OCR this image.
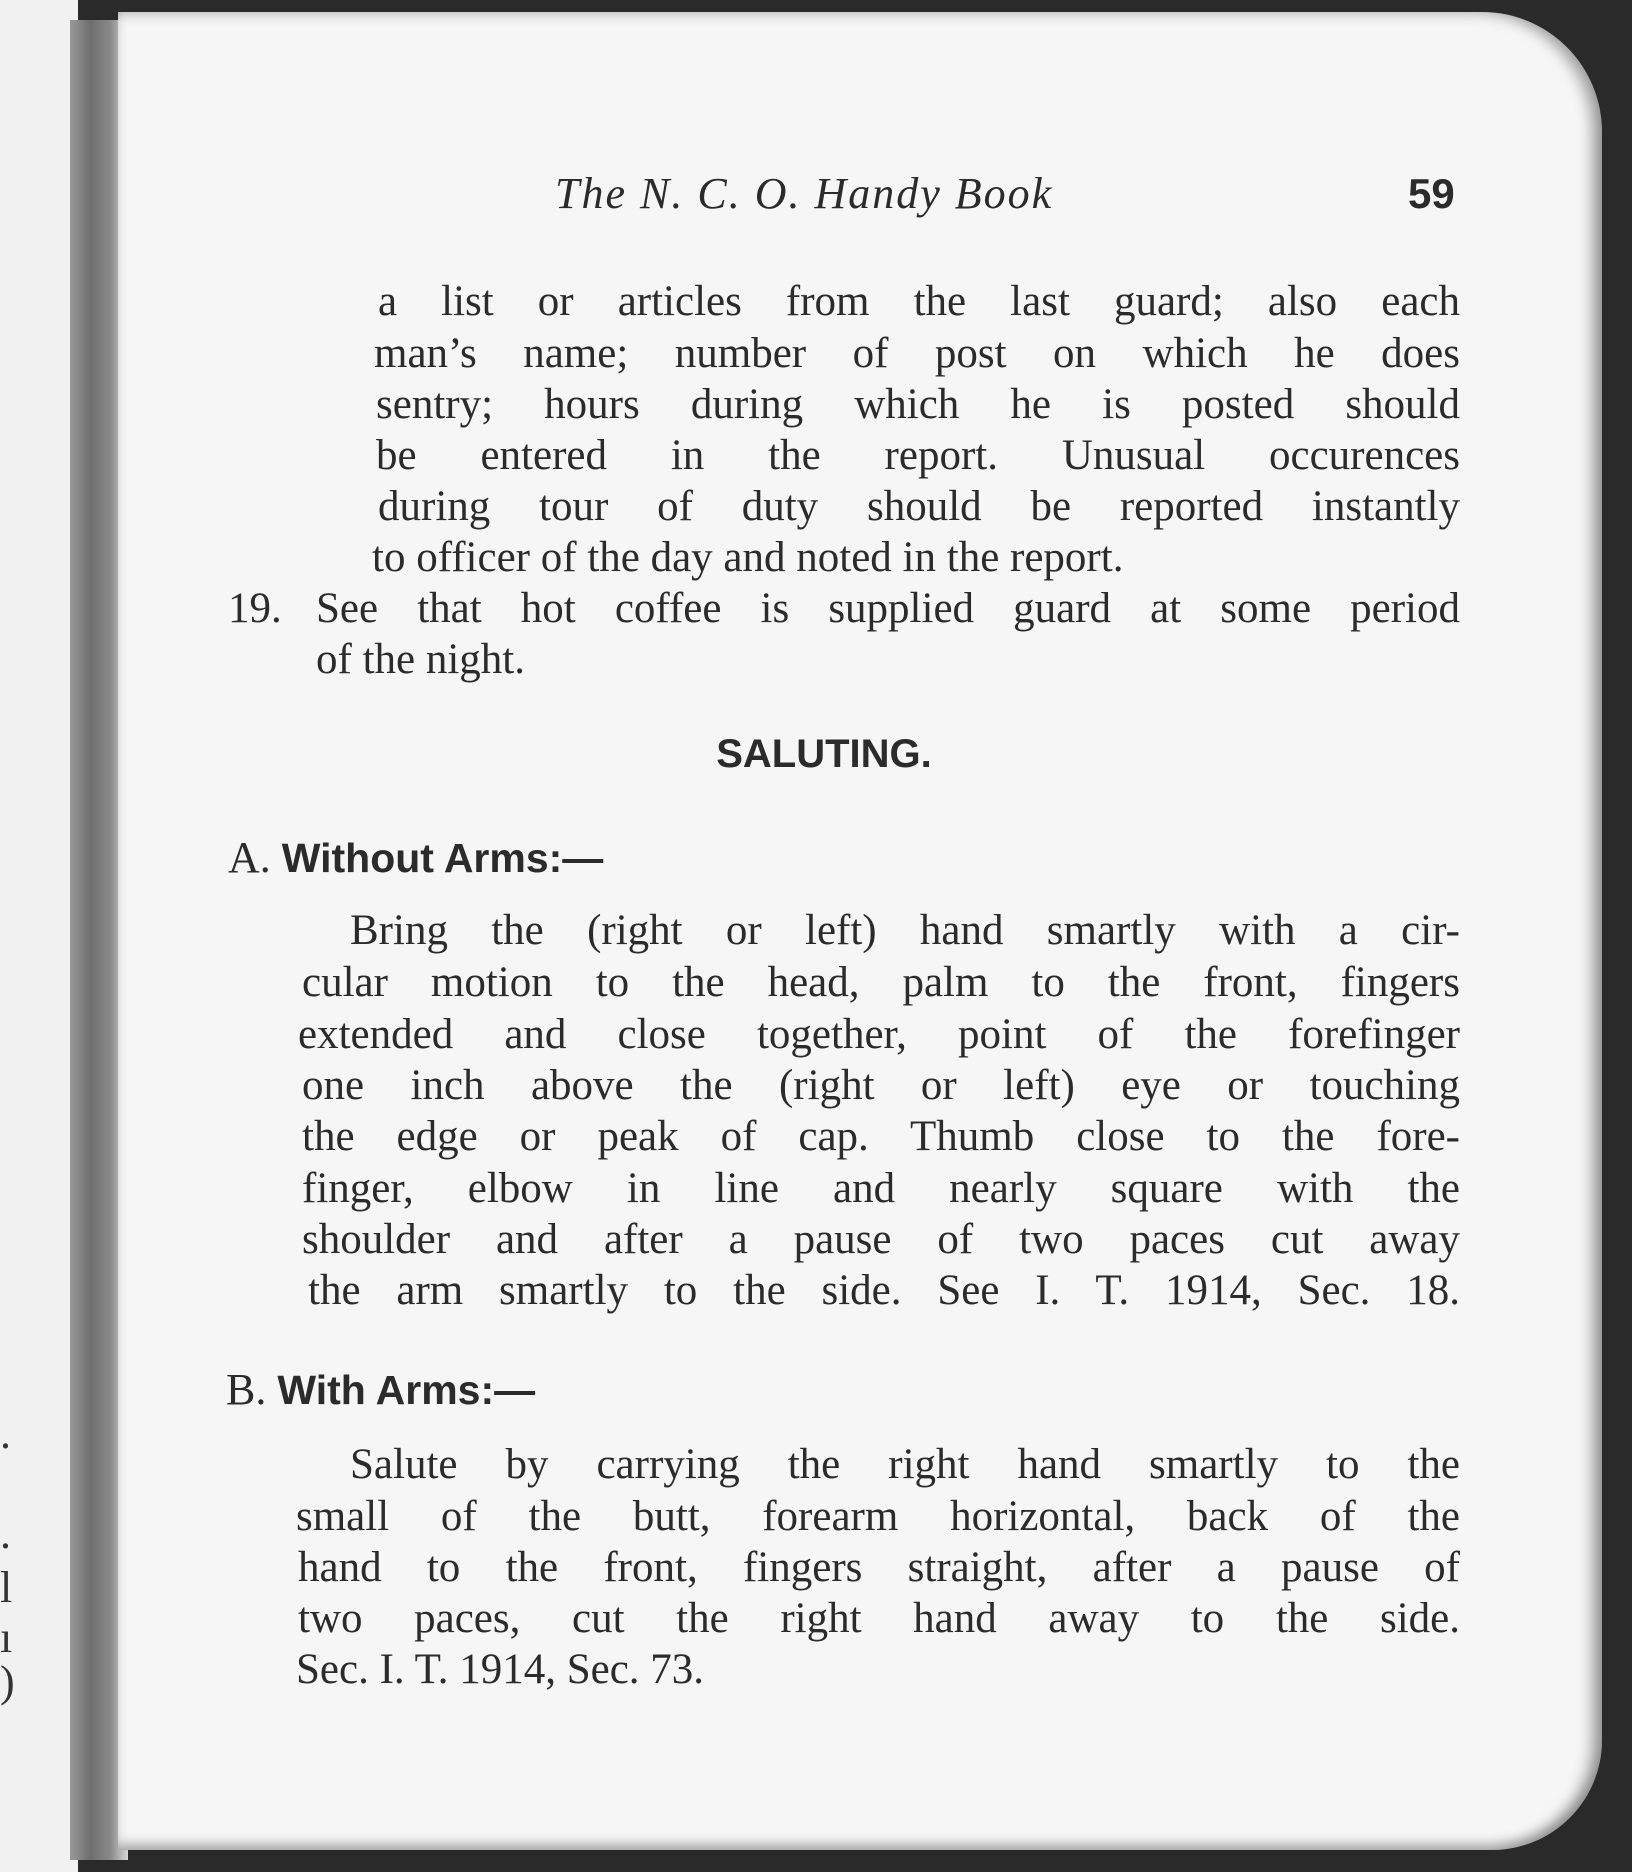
.
.
l
ı
)
The N. C. O. Handy Book	59
a list or articles from the last guard; also each
man’s name; number of post on which he does
sentry; hours during which he is posted should
be entered in the report. Unusual occurences
during tour of duty should be reported instantly
to officer of the day and noted in the report.
19. See that hot coffee is supplied guard at some period
of the night.
SALUTING.
A. Without Arms:—
Bring the (right or left) hand smartly with a cir-
cular motion to the head, palm to the front, fingers
extended and close together, point of the forefinger
one inch above the (right or left) eye or touching
the edge or peak of cap. Thumb close to the fore-
finger, elbow in line and nearly square with the
shoulder and after a pause of two paces cut away
the arm smartly to the side. See I. T. 1914, Sec. 18.
B. With Arms:—
Salute by carrying the right hand smartly to the
small of the butt, forearm horizontal, back of the
hand to the front, fingers straight, after a pause of
two paces, cut the right hand away to the side.
Sec. I. T. 1914, Sec. 73.
